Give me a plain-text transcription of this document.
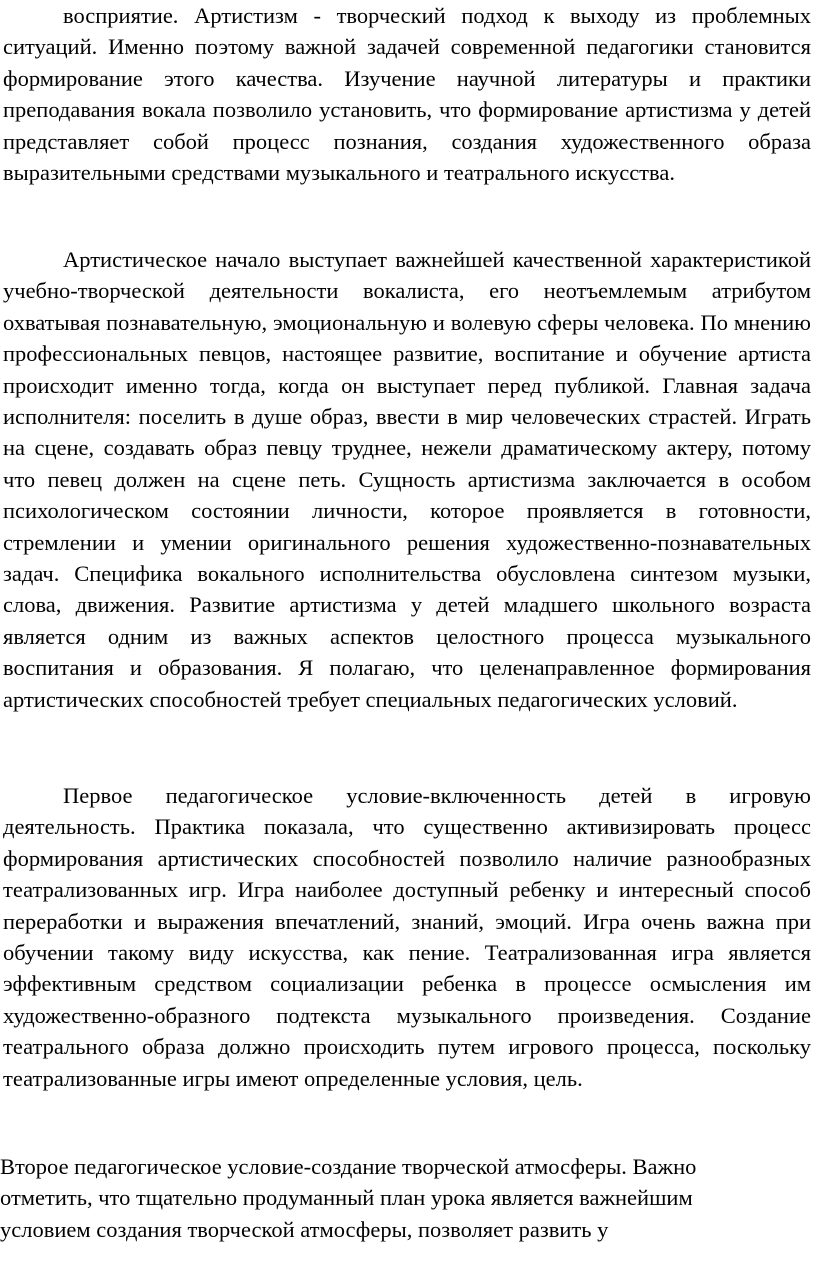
восприятие. Артистизм - творческий подход к выходу из проблемных ситуаций. Именно поэтому важной задачей современной педагогики становится формирование этого качества. Изучение научной литературы и практики преподавания вокала позволило установить, что формирование артистизма у детей представляет собой процесс познания, создания художественного образа выразительными средствами музыкального и театрального искусства.

Артистическое начало выступает важнейшей качественной характеристикой учебно-творческой деятельности вокалиста, его неотъемлемым атрибутом охватывая познавательную, эмоциональную и волевую сферы человека. По мнению профессиональных певцов, настоящее развитие, воспитание и обучение артиста происходит именно тогда, когда он выступает перед публикой. Главная задача исполнителя: поселить в душе образ, ввести в мир человеческих страстей. Играть на сцене, создавать образ певцу труднее, нежели драматическому актеру, потому что певец должен на сцене петь. Сущность артистизма заключается в особом психологическом состоянии личности, которое проявляется в готовности, стремлении и умении оригинального решения художественно-познавательных задач. Специфика вокального исполнительства обусловлена синтезом музыки, слова, движения. Развитие артистизма у детей младшего школьного возраста является одним из важных аспектов целостного процесса музыкального воспитания и образования. Я полагаю, что целенаправленное формирования артистических способностей требует специальных педагогических условий.

Первое педагогическое условие-включенность детей в игровую деятельность. Практика показала, что существенно активизировать процесс формирования артистических способностей позволило наличие разнообразных театрализованных игр. Игра наиболее доступный ребенку и интересный способ переработки и выражения впечатлений, знаний, эмоций. Игра очень важна при обучении такому виду искусства, как пение. Театрализованная игра является эффективным средством социализации ребенка в процессе осмысления им художественно-образного подтекста музыкального произведения. Создание театрального образа должно происходить путем игрового процесса, поскольку театрализованные игры имеют определенные условия, цель.

Второе педагогическое условие-создание творческой атмосферы. Важно отметить, что тщательно продуманный план урока является важнейшим условием создания творческой атмосферы, позволяет развить у
